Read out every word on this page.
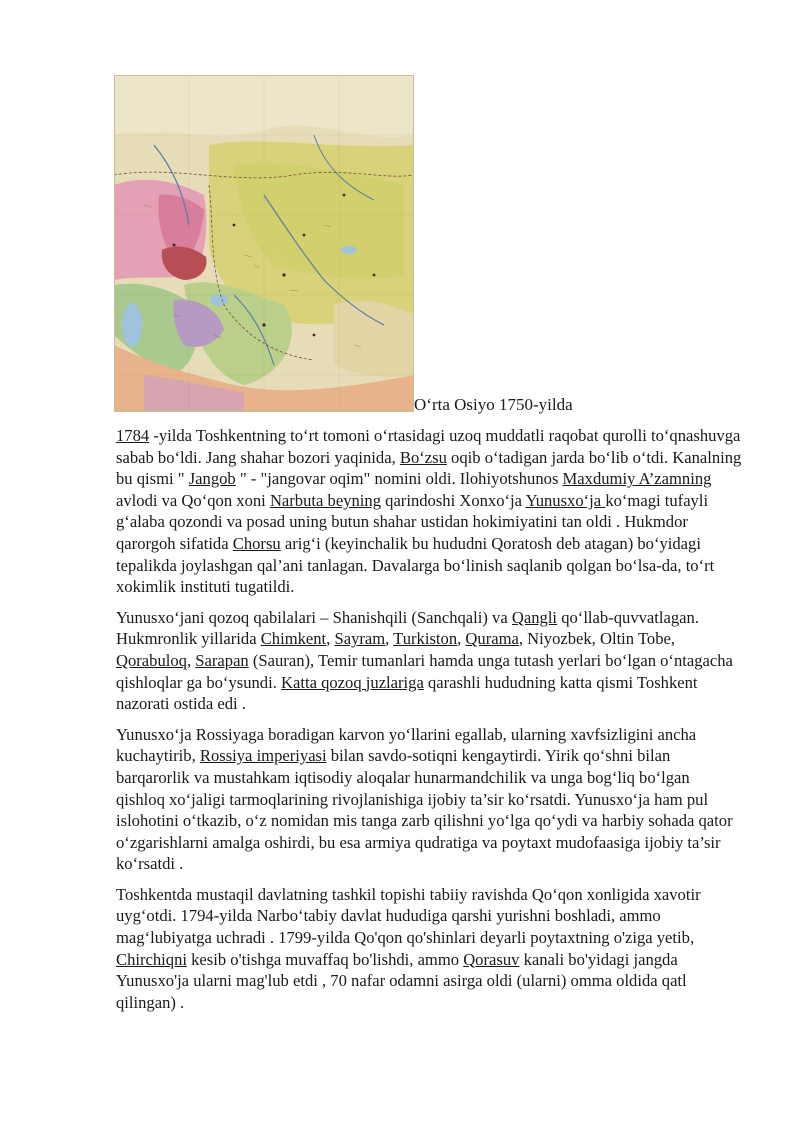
O‘rta Osiyo 1750-yilda

1784 -yilda Toshkentning to‘rt tomoni o‘rtasidagi uzoq muddatli raqobat qurolli to‘qnashuvga sabab bo‘ldi. Jang shahar bozori yaqinida, Bo‘zsu oqib o‘tadigan jarda bo‘lib o‘tdi. Kanalning bu qismi " Jangob " - "jangovar oqim" nomini oldi. Ilohiyotshunos Maxdumiy A’zamning avlodi va Qo‘qon xoni Narbuta beyning qarindoshi Xonxo‘ja Yunusxo‘ja ko‘magi tufayli g‘alaba qozondi va posad uning butun shahar ustidan hokimiyatini tan oldi . Hukmdor qarorgoh sifatida Chorsu arig‘i (keyinchalik bu hududni Qoratosh deb atagan) bo‘yidagi tepalikda joylashgan qal’ani tanlagan. Davalarga bo‘linish saqlanib qolgan bo‘lsa-da, to‘rt xokimlik instituti tugatildi.

Yunusxo‘jani qozoq qabilalari – Shanishqili (Sanchqali) va Qangli qo‘llab-quvvatlagan. Hukmronlik yillarida Chimkent, Sayram, Turkiston, Qurama, Niyozbek, Oltin Tobe, Qorabuloq, Sarapan (Sauran), Temir tumanlari hamda unga tutash yerlari bo‘lgan o‘ntagacha qishloqlar ga bo‘ysundi. Katta qozoq juzlariga qarashli hududning katta qismi Toshkent nazorati ostida edi .

Yunusxo‘ja Rossiyaga boradigan karvon yo‘llarini egallab, ularning xavfsizligini ancha kuchaytirib, Rossiya imperiyasi bilan savdo-sotiqni kengaytirdi. Yirik qo‘shni bilan barqarorlik va mustahkam iqtisodiy aloqalar hunarmandchilik va unga bog‘liq bo‘lgan qishloq xo‘jaligi tarmoqlarining rivojlanishiga ijobiy ta’sir ko‘rsatdi. Yunusxo‘ja ham pul islohotini o‘tkazib, o‘z nomidan mis tanga zarb qilishni yo‘lga qo‘ydi va harbiy sohada qator o‘zgarishlarni amalga oshirdi, bu esa armiya qudratiga va poytaxt mudofaasiga ijobiy ta’sir ko‘rsatdi .

Toshkentda mustaqil davlatning tashkil topishi tabiiy ravishda Qo‘qon xonligida xavotir uyg‘otdi. 1794-yilda Narbo‘tabiy davlat hududiga qarshi yurishni boshladi, ammo mag‘lubiyatga uchradi . 1799-yilda Qo'qon qo'shinlari deyarli poytaxtning o'ziga yetib, Chirchiqni kesib o'tishga muvaffaq bo'lishdi, ammo Qorasuv kanali bo'yidagi jangda Yunusxo'ja ularni mag'lub etdi , 70 nafar odamni asirga oldi (ularni) omma oldida qatl qilingan) .
